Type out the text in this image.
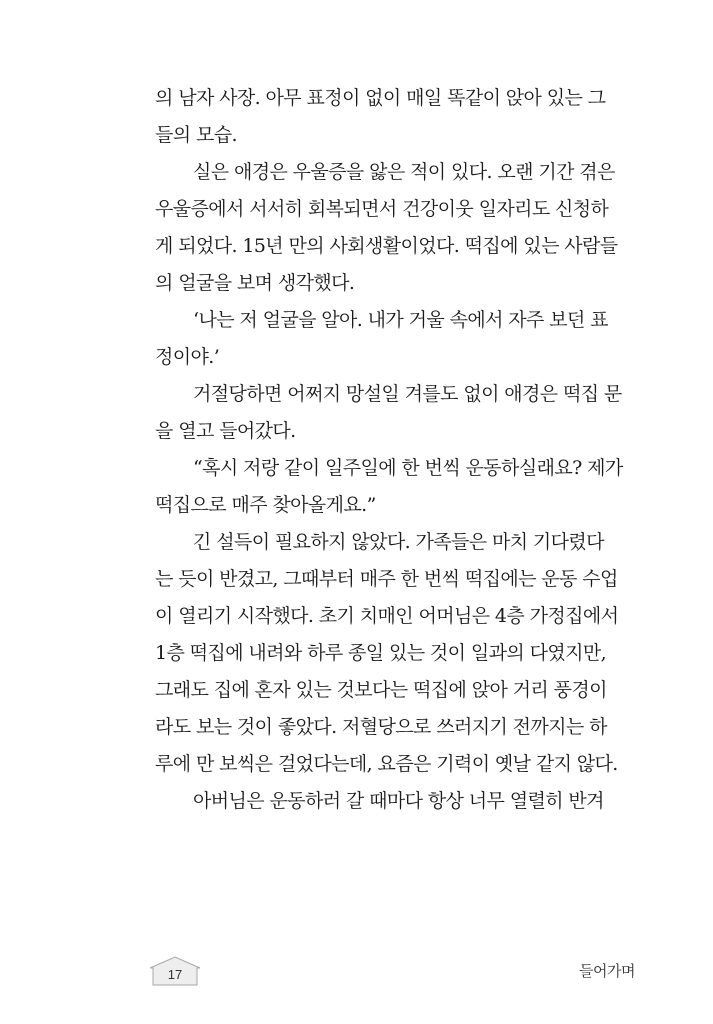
의 남자 사장. 아무 표정이 없이 매일 똑같이 앉아 있는 그
들의 모습.
실은 애경은 우울증을 앓은 적이 있다. 오랜 기간 겪은
우울증에서 서서히 회복되면서 건강이웃 일자리도 신청하
게 되었다. 15년 만의 사회생활이었다. 떡집에 있는 사람들
의 얼굴을 보며 생각했다.
‘나는 저 얼굴을 알아. 내가 거울 속에서 자주 보던 표
정이야.’
거절당하면 어쩌지 망설일 겨를도 없이 애경은 떡집 문
을 열고 들어갔다.
“혹시 저랑 같이 일주일에 한 번씩 운동하실래요? 제가
떡집으로 매주 찾아올게요.”
긴 설득이 필요하지 않았다. 가족들은 마치 기다렸다
는 듯이 반겼고, 그때부터 매주 한 번씩 떡집에는 운동 수업
이 열리기 시작했다. 초기 치매인 어머님은 4층 가정집에서
1층 떡집에 내려와 하루 종일 있는 것이 일과의 다였지만,
그래도 집에 혼자 있는 것보다는 떡집에 앉아 거리 풍경이
라도 보는 것이 좋았다. 저혈당으로 쓰러지기 전까지는 하
루에 만 보씩은 걸었다는데, 요즘은 기력이 옛날 같지 않다.
아버님은 운동하러 갈 때마다 항상 너무 열렬히 반겨
17	들어가며
